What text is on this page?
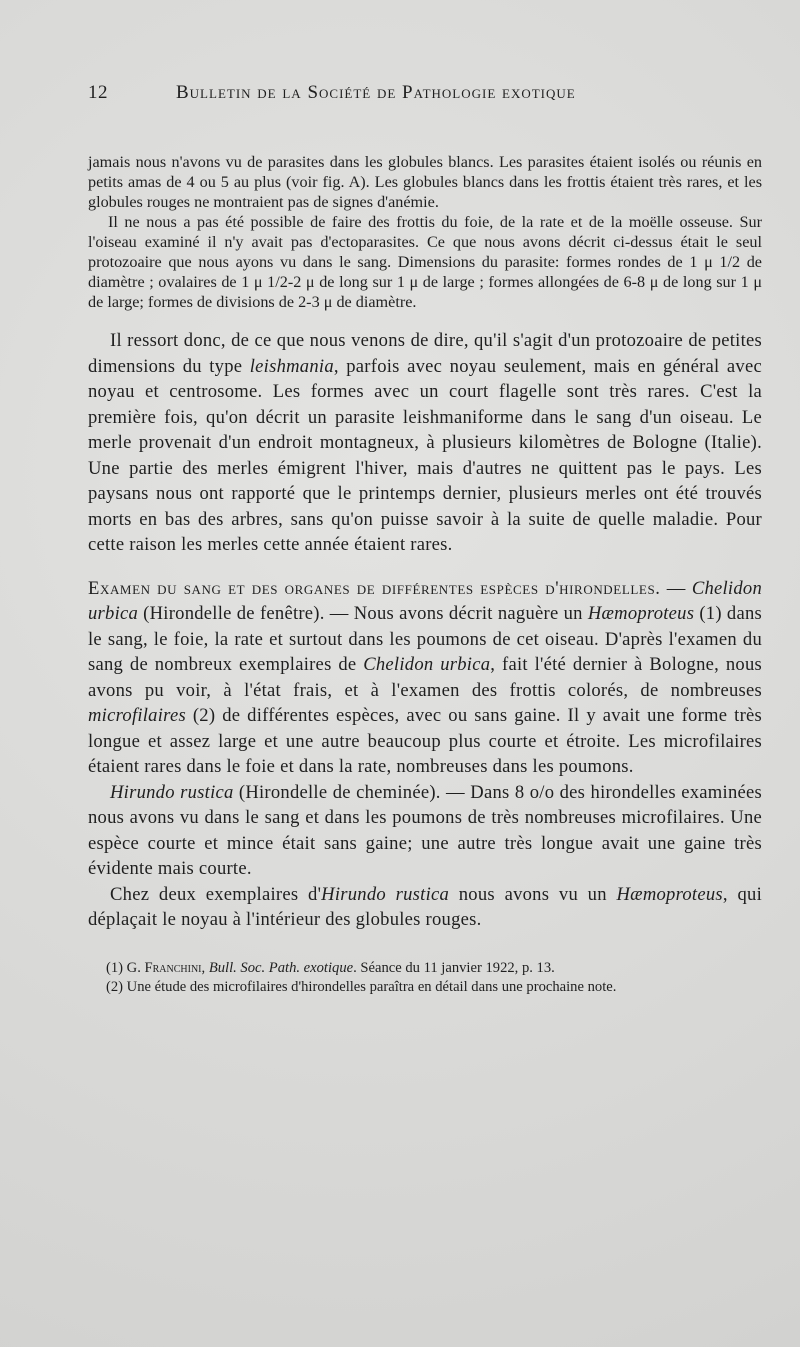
12	Bulletin de la Société de Pathologie exotique

jamais nous n'avons vu de parasites dans les globules blancs. Les parasites étaient isolés ou réunis en petits amas de 4 ou 5 au plus (voir fig. A). Les globules blancs dans les frottis étaient très rares, et les globules rouges ne montraient pas de signes d'anémie.

Il ne nous a pas été possible de faire des frottis du foie, de la rate et de la moëlle osseuse. Sur l'oiseau examiné il n'y avait pas d'ectoparasites. Ce que nous avons décrit ci-dessus était le seul protozoaire que nous ayons vu dans le sang. Dimensions du parasite: formes rondes de 1 μ 1/2 de diamètre ; ovalaires de 1 μ 1/2-2 μ de long sur 1 μ de large ; formes allongées de 6-8 μ de long sur 1 μ de large; formes de divisions de 2-3 μ de diamètre.

Il ressort donc, de ce que nous venons de dire, qu'il s'agit d'un protozoaire de petites dimensions du type leishmania, parfois avec noyau seulement, mais en général avec noyau et centrosome. Les formes avec un court flagelle sont très rares. C'est la première fois, qu'on décrit un parasite leishmaniforme dans le sang d'un oiseau. Le merle provenait d'un endroit montagneux, à plusieurs kilomètres de Bologne (Italie). Une partie des merles émigrent l'hiver, mais d'autres ne quittent pas le pays. Les paysans nous ont rapporté que le printemps dernier, plusieurs merles ont été trouvés morts en bas des arbres, sans qu'on puisse savoir à la suite de quelle maladie. Pour cette raison les merles cette année étaient rares.

Examen du sang et des organes de différentes espèces d'hirondelles. — Chelidon urbica (Hirondelle de fenêtre). — Nous avons décrit naguère un Hæmoproteus (1) dans le sang, le foie, la rate et surtout dans les poumons de cet oiseau. D'après l'examen du sang de nombreux exemplaires de Chelidon urbica, fait l'été dernier à Bologne, nous avons pu voir, à l'état frais, et à l'examen des frottis colorés, de nombreuses microfilaires (2) de différentes espèces, avec ou sans gaine. Il y avait une forme très longue et assez large et une autre beaucoup plus courte et étroite. Les microfilaires étaient rares dans le foie et dans la rate, nombreuses dans les poumons.

Hirundo rustica (Hirondelle de cheminée). — Dans 8 o/o des hirondelles examinées nous avons vu dans le sang et dans les poumons de très nombreuses microfilaires. Une espèce courte et mince était sans gaine; une autre très longue avait une gaine très évidente mais courte.

Chez deux exemplaires d'Hirundo rustica nous avons vu un Hæmoproteus, qui déplaçait le noyau à l'intérieur des globules rouges.

(1) G. Franchini, Bull. Soc. Path. exotique. Séance du 11 janvier 1922, p. 13.

(2) Une étude des microfilaires d'hirondelles paraîtra en détail dans une prochaine note.
